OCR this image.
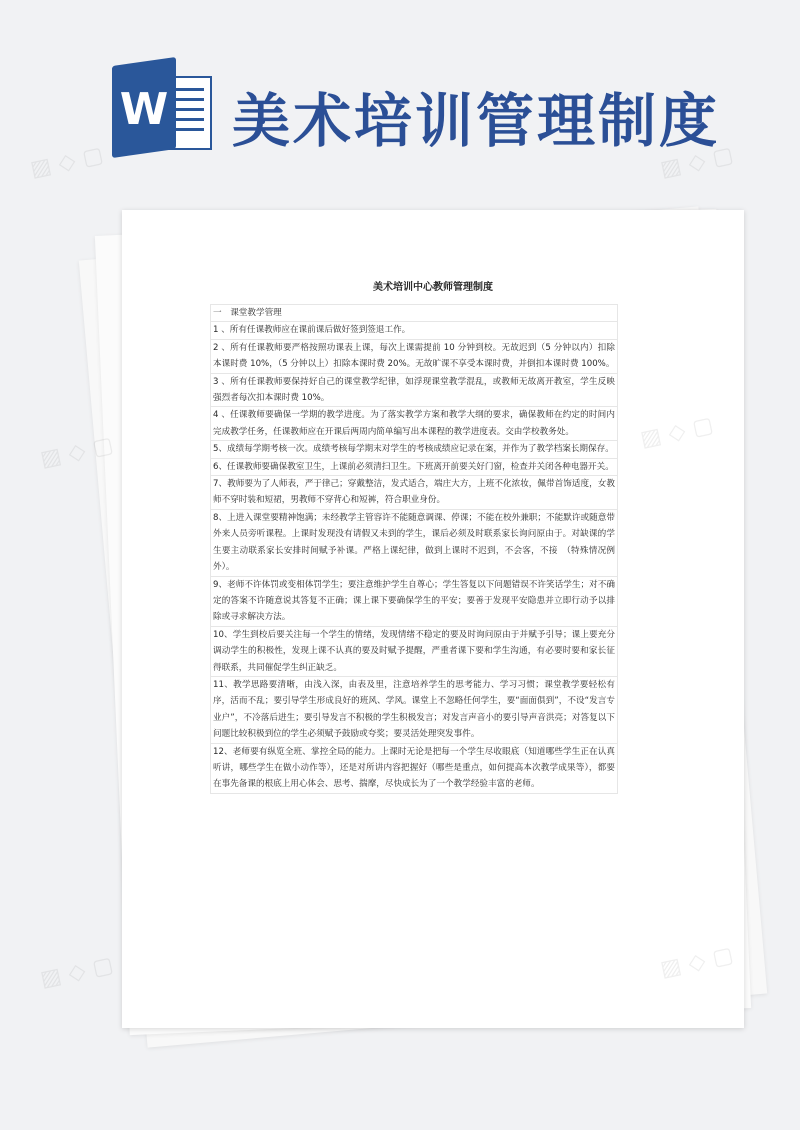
W 美术培训管理制度
美术培训中心教师管理制度

一　课堂教学管理

1 、所有任课教师应在课前课后做好签到签退工作。

2 、所有任课教师要严格按照功课表上课，每次上课需提前 10 分钟到校。无故迟到（5 分钟以内）扣除本课时费 10%，（5 分钟以上）扣除本课时费 20%。无故旷课不享受本课时费，并倒扣本课时费 100%。

3 、所有任课教师要保持好自己的课堂教学纪律，如浮现课堂教学混乱，或教师无故离开教室，学生反映强烈者每次扣本课时费 10%。

4 、任课教师要确保一学期的教学进度。为了落实教学方案和教学大纲的要求，确保教师在约定的时间内完成教学任务，任课教师应在开课后两周内简单编写出本课程的教学进度表。交由学校教务处。

5、成绩每学期考核一次。成绩考核每学期末对学生的考核成绩应记录在案，并作为了教学档案长期保存。

6、任课教师要确保教室卫生，上课前必须清扫卫生。下班离开前要关好门窗，检查并关闭各种电器开关。

7、教师要为了人师表，严于律己；穿戴整洁，发式适合，端庄大方，上班不化浓妆，佩带首饰适度，女教师不穿时装和短裙，男教师不穿背心和短裤，符合职业身份。

8、上进入课堂要精神饱满；未经教学主管容许不能随意调课、停课；不能在校外兼职；不能默许或随意带外来人员旁听课程。上课时发现没有请假又未到的学生，课后必须及时联系家长询问原由于。对缺课的学生要主动联系家长安排时间赋予补课。严格上课纪律，做到上课时不迟到，不会客，不接　（特殊情况例外）。

9、老师不许体罚或变相体罚学生；要注意维护学生自尊心；学生答复以下问题错误不许笑话学生；对不确定的答案不许随意说其答复不正确；课上课下要确保学生的平安；要善于发现平安隐患并立即行动予以排除或寻求解决方法。

10、学生到校后要关注每一个学生的情绪，发现情绪不稳定的要及时询问原由于并赋予引导；课上要充分调动学生的积极性，发现上课不认真的要及时赋予提醒，严重者课下要和学生沟通，有必要时要和家长征得联系，共同催促学生纠正缺乏。

11、教学思路要清晰，由浅入深，由表及里，注意培养学生的思考能力、学习习惯；课堂教学要轻松有序，活而不乱；要引导学生形成良好的班风、学风。课堂上不忽略任何学生，要“面面俱到”，不设“发言专业户”，不冷落后进生；要引导发言不积极的学生积极发言；对发言声音小的要引导声音洪亮；对答复以下问题比较积极到位的学生必须赋予鼓励或夸奖；要灵活处理突发事件。

12、老师要有纵览全班、掌控全局的能力。上课时无论是把每一个学生尽收眼底（知道哪些学生正在认真听讲，哪些学生在做小动作等），还是对所讲内容把握好（哪些是重点，如何提高本次教学成果等），都要在事先备课的根底上用心体会、思考、揣摩，尽快成长为了一个教学经验丰富的老师。

▨ ◇ ▢	▨ ◇ ▢
▨ ◇ ▢
▨ ◇ ▢
▨ ◇ ▢	▨ ◇ ▢
